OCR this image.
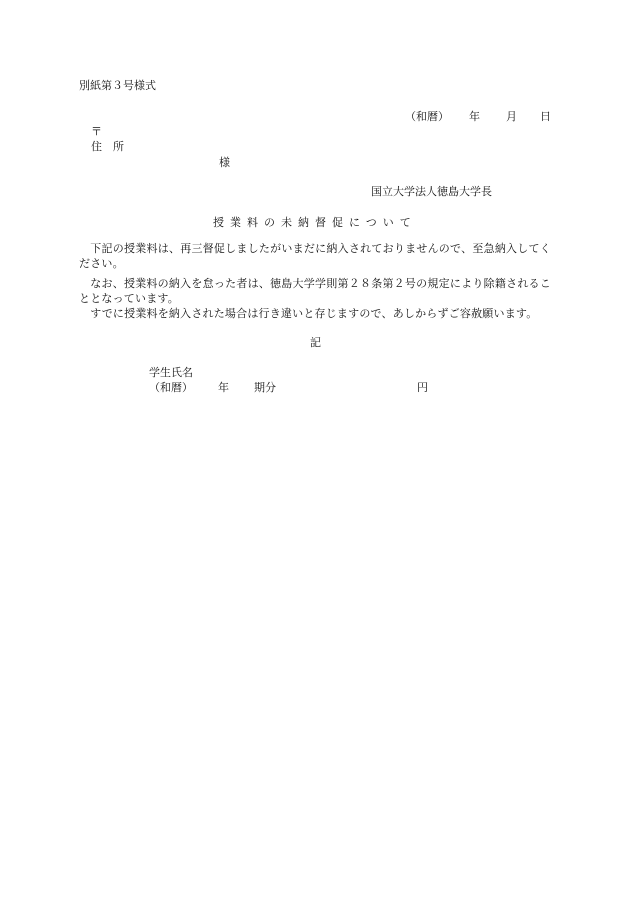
別紙第３号様式
（和暦） 年 月 日
〒
住　所
様
国立大学法人徳島大学長
授業料の未納督促について
　下記の授業料は、再三督促しましたがいまだに納入されておりませんので、至急納入してください。
　なお、授業料の納入を怠った者は、徳島大学学則第２８条第２号の規定により除籍されることとなっています。
　すでに授業料を納入された場合は行き違いと存じますので、あしからずご容赦願います。
記
学生氏名
（和暦） 年 期分	円
